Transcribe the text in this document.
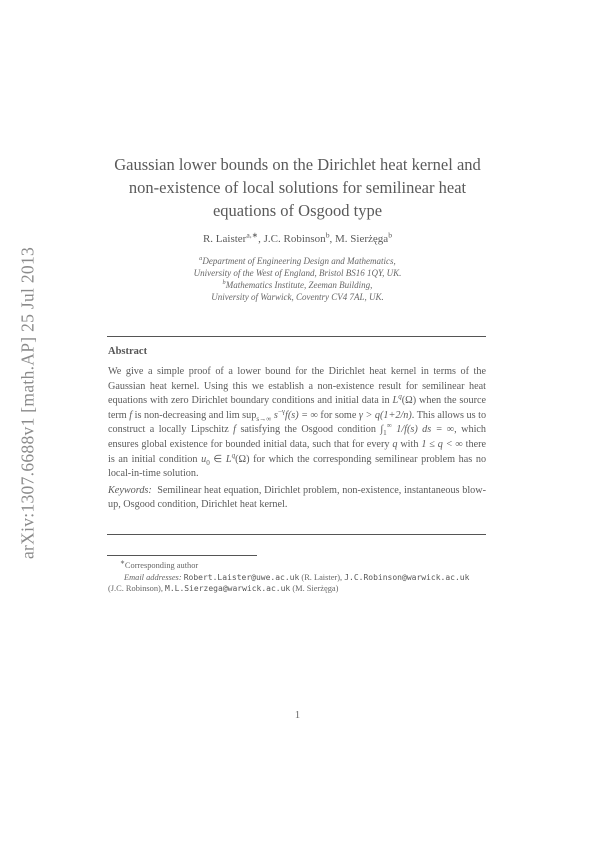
arXiv:1307.6688v1 [math.AP] 25 Jul 2013
Gaussian lower bounds on the Dirichlet heat kernel and
non-existence of local solutions for semilinear heat
equations of Osgood type
R. Laister$^{a,∗}$, J.C. Robinson$^b$, M. Sierżęga$^b$
$^a$Department of Engineering Design and Mathematics,
University of the West of England, Bristol BS16 1QY, UK.
$^b$Mathematics Institute, Zeeman Building,
University of Warwick, Coventry CV4 7AL, UK.
Abstract

We give a simple proof of a lower bound for the Dirichlet heat kernel in terms of the Gaussian heat kernel. Using this we establish a non-existence result for semilinear heat equations with zero Dirichlet boundary conditions and initial data in $L^q(\Omega)$ when the source term f is non-decreasing and lim sup$_{s\to\infty}$ $s^{-\gamma}f(s)$ = ∞ for some γ > q(1+2/n). This allows us to construct a locally Lipschitz f satisfying the Osgood condition $\int_1^\infty$ 1/f(s) ds = ∞, which ensures global existence for bounded initial data, such that for every q with 1 ≤ q < ∞ there is an initial condition $u_0$ ∈ $L^q(\Omega)$ for which the corresponding semilinear problem has no local-in-time solution.

Keywords: Semilinear heat equation, Dirichlet problem, non-existence, instantaneous blow-up, Osgood condition, Dirichlet heat kernel.

∗Corresponding author

Email addresses: Robert.Laister@uwe.ac.uk (R. Laister), J.C.Robinson@warwick.ac.uk (J.C. Robinson), M.L.Sierzega@warwick.ac.uk (M. Sierżęga)

1
